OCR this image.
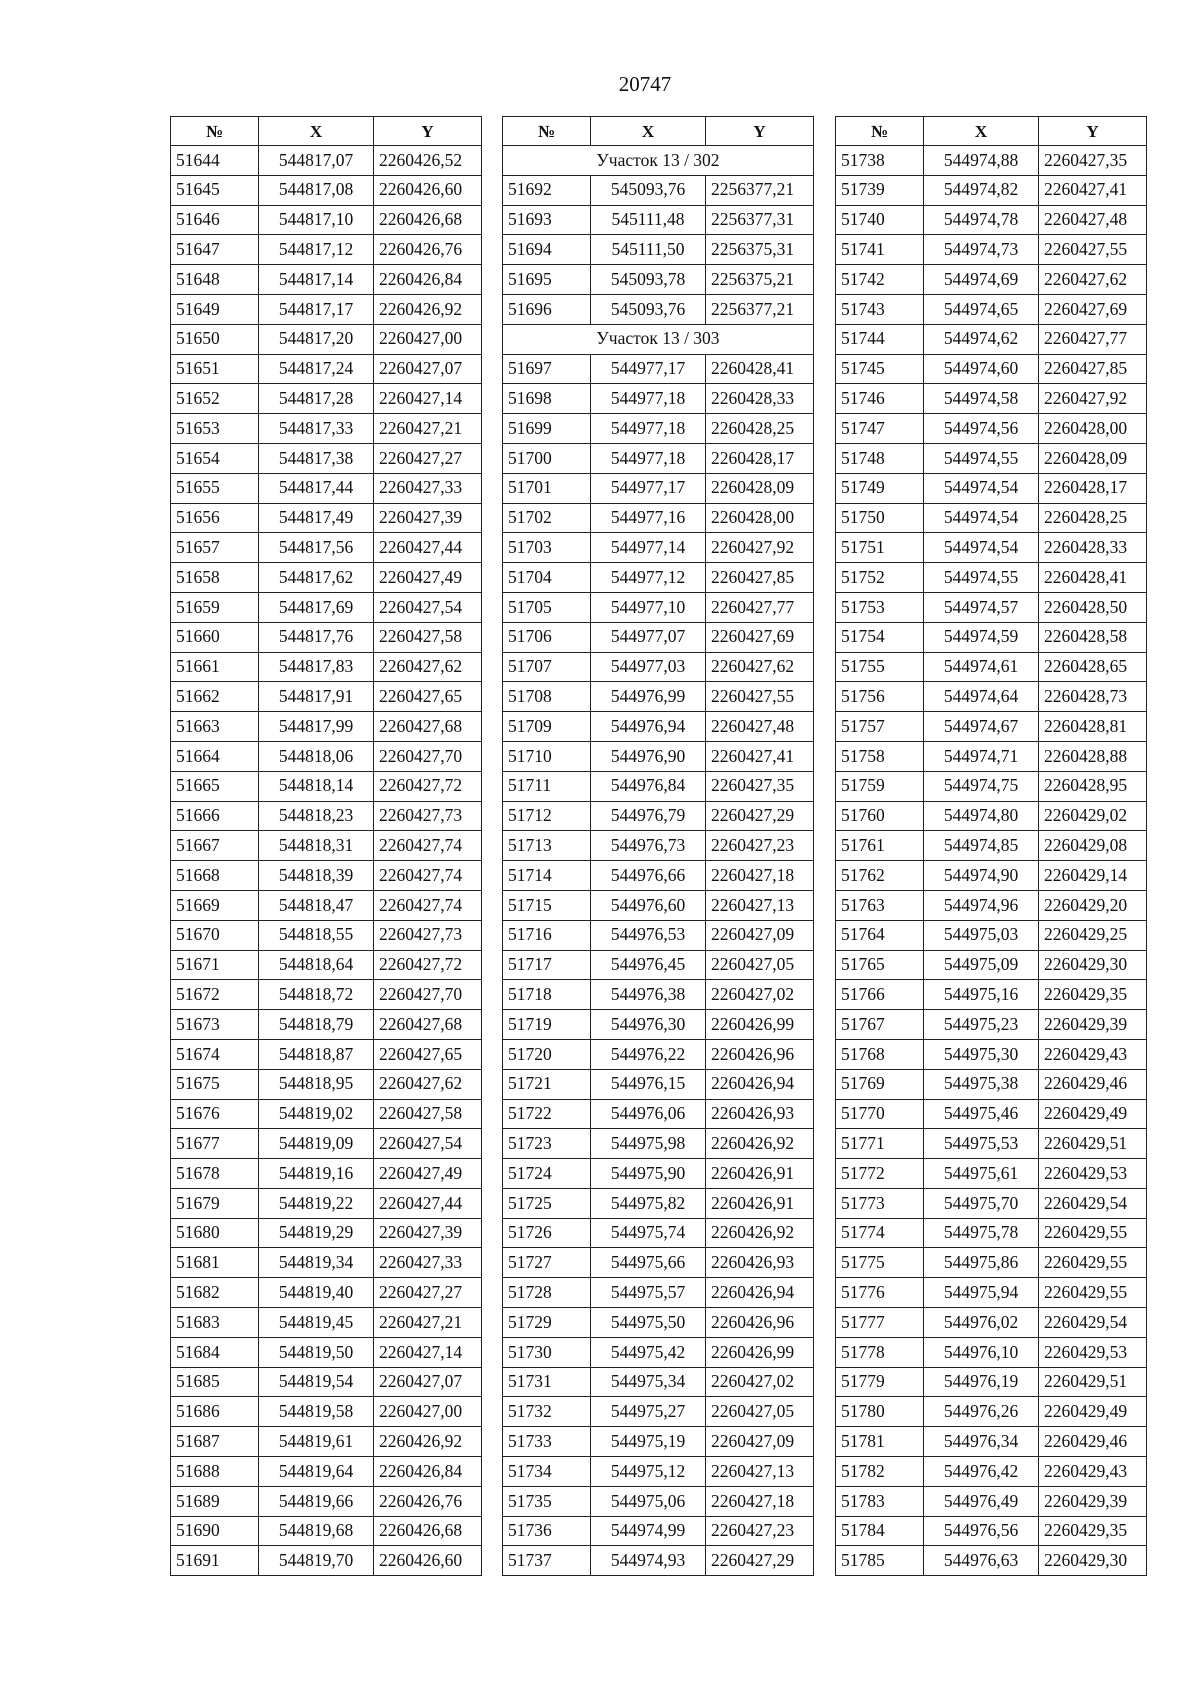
20747
№	X	Y
51644	544817,07	2260426,52
51645	544817,08	2260426,60
51646	544817,10	2260426,68
51647	544817,12	2260426,76
51648	544817,14	2260426,84
51649	544817,17	2260426,92
51650	544817,20	2260427,00
51651	544817,24	2260427,07
51652	544817,28	2260427,14
51653	544817,33	2260427,21
51654	544817,38	2260427,27
51655	544817,44	2260427,33
51656	544817,49	2260427,39
51657	544817,56	2260427,44
51658	544817,62	2260427,49
51659	544817,69	2260427,54
51660	544817,76	2260427,58
51661	544817,83	2260427,62
51662	544817,91	2260427,65
51663	544817,99	2260427,68
51664	544818,06	2260427,70
51665	544818,14	2260427,72
51666	544818,23	2260427,73
51667	544818,31	2260427,74
51668	544818,39	2260427,74
51669	544818,47	2260427,74
51670	544818,55	2260427,73
51671	544818,64	2260427,72
51672	544818,72	2260427,70
51673	544818,79	2260427,68
51674	544818,87	2260427,65
51675	544818,95	2260427,62
51676	544819,02	2260427,58
51677	544819,09	2260427,54
51678	544819,16	2260427,49
51679	544819,22	2260427,44
51680	544819,29	2260427,39
51681	544819,34	2260427,33
51682	544819,40	2260427,27
51683	544819,45	2260427,21
51684	544819,50	2260427,14
51685	544819,54	2260427,07
51686	544819,58	2260427,00
51687	544819,61	2260426,92
51688	544819,64	2260426,84
51689	544819,66	2260426,76
51690	544819,68	2260426,68
51691	544819,70	2260426,60
№	X	Y
Участок 13 / 302		
51692	545093,76	2256377,21
51693	545111,48	2256377,31
51694	545111,50	2256375,31
51695	545093,78	2256375,21
51696	545093,76	2256377,21
Участок 13 / 303		
51697	544977,17	2260428,41
51698	544977,18	2260428,33
51699	544977,18	2260428,25
51700	544977,18	2260428,17
51701	544977,17	2260428,09
51702	544977,16	2260428,00
51703	544977,14	2260427,92
51704	544977,12	2260427,85
51705	544977,10	2260427,77
51706	544977,07	2260427,69
51707	544977,03	2260427,62
51708	544976,99	2260427,55
51709	544976,94	2260427,48
51710	544976,90	2260427,41
51711	544976,84	2260427,35
51712	544976,79	2260427,29
51713	544976,73	2260427,23
51714	544976,66	2260427,18
51715	544976,60	2260427,13
51716	544976,53	2260427,09
51717	544976,45	2260427,05
51718	544976,38	2260427,02
51719	544976,30	2260426,99
51720	544976,22	2260426,96
51721	544976,15	2260426,94
51722	544976,06	2260426,93
51723	544975,98	2260426,92
51724	544975,90	2260426,91
51725	544975,82	2260426,91
51726	544975,74	2260426,92
51727	544975,66	2260426,93
51728	544975,57	2260426,94
51729	544975,50	2260426,96
51730	544975,42	2260426,99
51731	544975,34	2260427,02
51732	544975,27	2260427,05
51733	544975,19	2260427,09
51734	544975,12	2260427,13
51735	544975,06	2260427,18
51736	544974,99	2260427,23
51737	544974,93	2260427,29
№	X	Y
51738	544974,88	2260427,35
51739	544974,82	2260427,41
51740	544974,78	2260427,48
51741	544974,73	2260427,55
51742	544974,69	2260427,62
51743	544974,65	2260427,69
51744	544974,62	2260427,77
51745	544974,60	2260427,85
51746	544974,58	2260427,92
51747	544974,56	2260428,00
51748	544974,55	2260428,09
51749	544974,54	2260428,17
51750	544974,54	2260428,25
51751	544974,54	2260428,33
51752	544974,55	2260428,41
51753	544974,57	2260428,50
51754	544974,59	2260428,58
51755	544974,61	2260428,65
51756	544974,64	2260428,73
51757	544974,67	2260428,81
51758	544974,71	2260428,88
51759	544974,75	2260428,95
51760	544974,80	2260429,02
51761	544974,85	2260429,08
51762	544974,90	2260429,14
51763	544974,96	2260429,20
51764	544975,03	2260429,25
51765	544975,09	2260429,30
51766	544975,16	2260429,35
51767	544975,23	2260429,39
51768	544975,30	2260429,43
51769	544975,38	2260429,46
51770	544975,46	2260429,49
51771	544975,53	2260429,51
51772	544975,61	2260429,53
51773	544975,70	2260429,54
51774	544975,78	2260429,55
51775	544975,86	2260429,55
51776	544975,94	2260429,55
51777	544976,02	2260429,54
51778	544976,10	2260429,53
51779	544976,19	2260429,51
51780	544976,26	2260429,49
51781	544976,34	2260429,46
51782	544976,42	2260429,43
51783	544976,49	2260429,39
51784	544976,56	2260429,35
51785	544976,63	2260429,30
